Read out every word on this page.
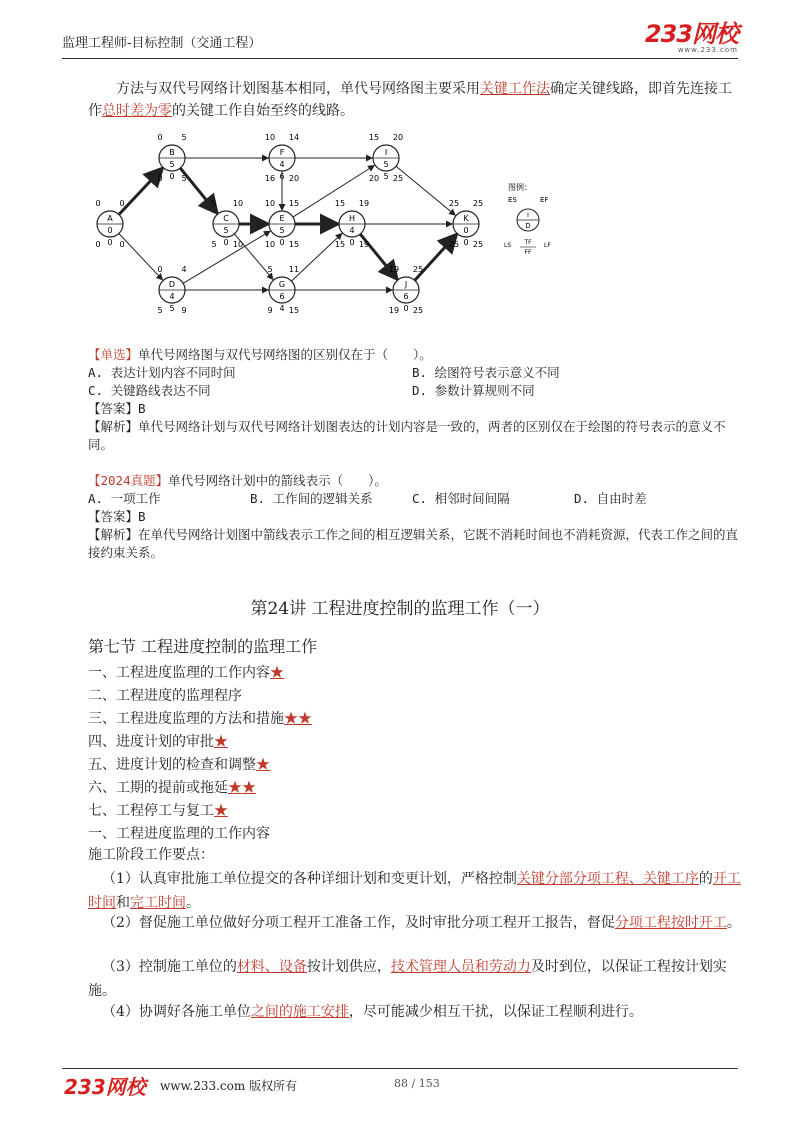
监理工程师-目标控制（交通工程）	233网校
www.233.com
方法与双代号网络计划图基本相同，单代号网络图主要采用关键工作法确定关键线路，即首先连接工作总时差为零的关键工作自始至终的线路。
A
0
0 0
0 0 0
B
5
0 5
0 0 5
C
5
5 10
5 0 10
D
4
0 4
5 5 9
E
5
10 15
10 0 15
F
4
10 14
16 6 20
G
6
5 11
9 4 15
H
4
15 19
15 0 19
I
5
15 20
20 5 25
J
6
19 25
19 0 25
K
0
25 25
25 0 25
图例：
ES	EF
i
D
LS TF
FF
LF
【单选】单代号网络图与双代号网络图的区别仅在于（　　）。
A. 表达计划内容不同时间	B. 绘图符号表示意义不同
C. 关键路线表达不同	D. 参数计算规则不同
【答案】B
【解析】单代号网络计划与双代号网络计划图表达的计划内容是一致的，两者的区别仅在于绘图的符号表示的意义不同。
【2024真题】单代号网络计划中的箭线表示（　　）。
A. 一项工作	B. 工作间的逻辑关系	C. 相邻时间间隔	D. 自由时差
【答案】B
【解析】在单代号网络计划图中箭线表示工作之间的相互逻辑关系，它既不消耗时间也不消耗资源，代表工作之间的直接约束关系。
第24讲 工程进度控制的监理工作（一）
第七节 工程进度控制的监理工作
一、工程进度监理的工作内容★
二、工程进度的监理程序
三、工程进度监理的方法和措施★★
四、进度计划的审批★
五、进度计划的检查和调整★
六、工期的提前或拖延★★
七、工程停工与复工★
一、工程进度监理的工作内容
施工阶段工作要点：
（1）认真审批施工单位提交的各种详细计划和变更计划，严格控制关键分部分项工程、关键工序的开工时间和完工时间。
（2）督促施工单位做好分项工程开工准备工作，及时审批分项工程开工报告，督促分项工程按时开工。
（3）控制施工单位的材料、设备按计划供应，技术管理人员和劳动力及时到位，以保证工程按计划实施。
（4）协调好各施工单位之间的施工安排，尽可能减少相互干扰，以保证工程顺利进行。
233网校 www.233.com 版权所有	88 / 153
